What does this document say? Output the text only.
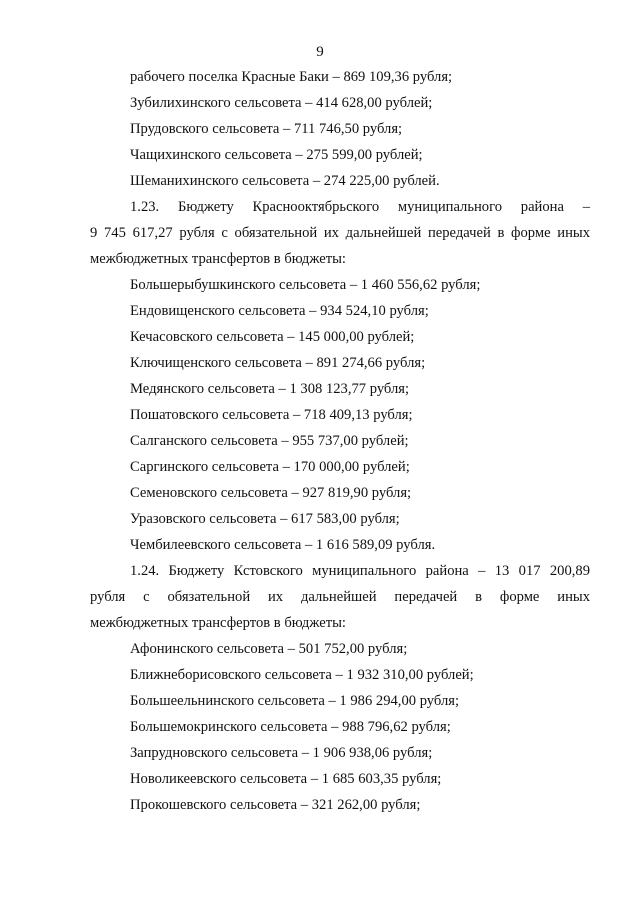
9
рабочего поселка Красные Баки – 869 109,36 рубля;
Зубилихинского сельсовета – 414 628,00 рублей;
Прудовского сельсовета – 711 746,50 рубля;
Чащихинского сельсовета – 275 599,00 рублей;
Шеманихинского сельсовета – 274 225,00 рублей.
1.23. Бюджету Краснооктябрьского муниципального района –
9 745 617,27 рубля с обязательной их дальнейшей передачей в форме иных
межбюджетных трансфертов в бюджеты:
Большерыбушкинского сельсовета – 1 460 556,62 рубля;
Ендовищенского сельсовета – 934 524,10 рубля;
Кечасовского сельсовета – 145 000,00 рублей;
Ключищенского сельсовета – 891 274,66 рубля;
Медянского сельсовета – 1 308 123,77 рубля;
Пошатовского сельсовета – 718 409,13 рубля;
Салганского сельсовета – 955 737,00 рублей;
Саргинского сельсовета – 170 000,00 рублей;
Семеновского сельсовета – 927 819,90 рубля;
Уразовского сельсовета – 617 583,00 рубля;
Чембилеевского сельсовета – 1 616 589,09 рубля.
1.24. Бюджету Кстовского муниципального района – 13 017 200,89
рубля с обязательной их дальнейшей передачей в форме иных
межбюджетных трансфертов в бюджеты:
Афонинского сельсовета – 501 752,00 рубля;
Ближнеборисовского сельсовета – 1 932 310,00 рублей;
Большеельнинского сельсовета – 1 986 294,00 рубля;
Большемокринского сельсовета – 988 796,62 рубля;
Запрудновского сельсовета – 1 906 938,06 рубля;
Новоликеевского сельсовета – 1 685 603,35 рубля;
Прокошевского сельсовета – 321 262,00 рубля;
